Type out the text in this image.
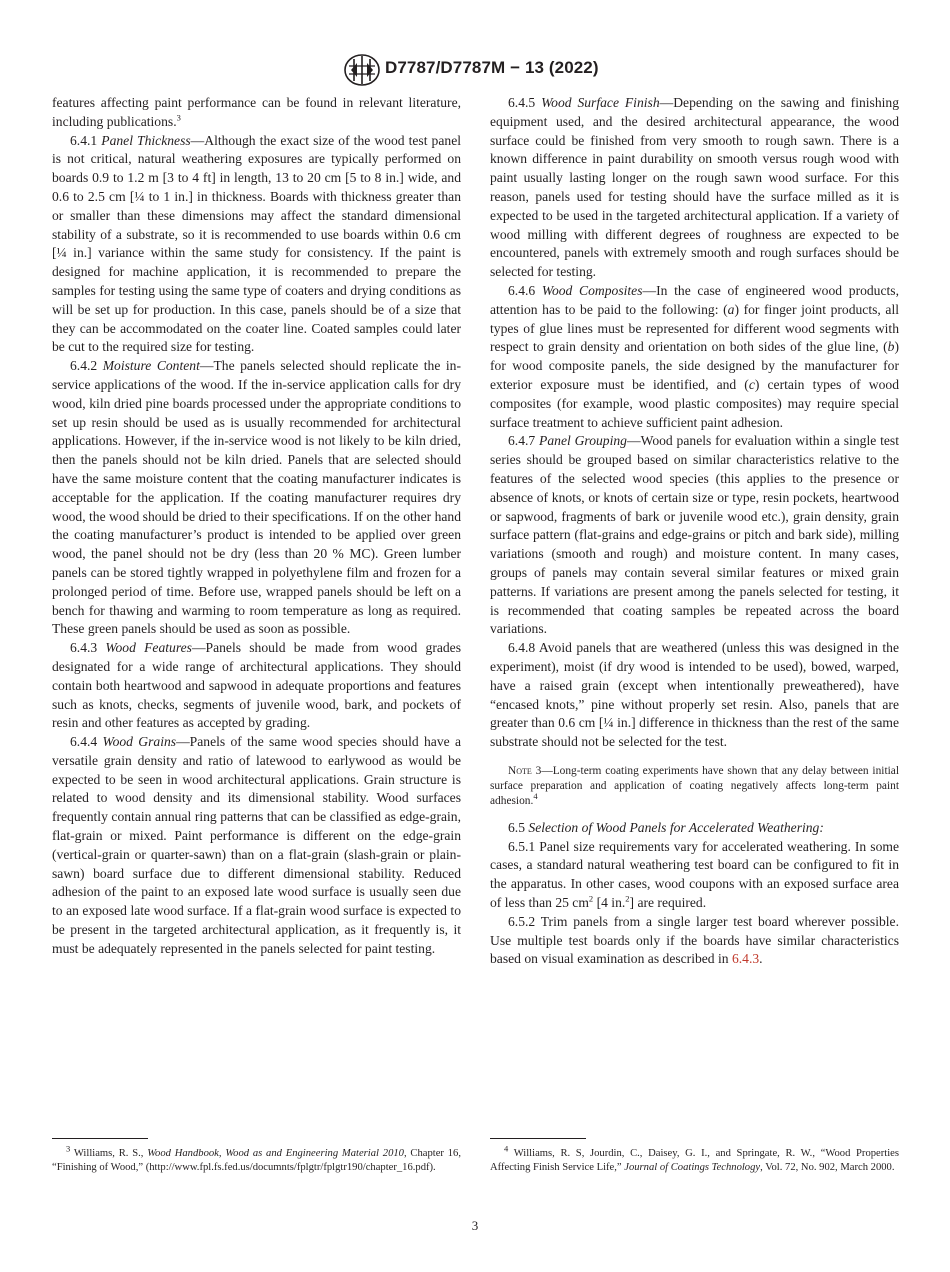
D7787/D7787M − 13 (2022)

features affecting paint performance can be found in relevant literature, including publications.$^3$

6.4.1 Panel Thickness—Although the exact size of the wood test panel is not critical, natural weathering exposures are typically performed on boards 0.9 to 1.2 m [3 to 4 ft] in length, 13 to 20 cm [5 to 8 in.] wide, and 0.6 to 2.5 cm [¼ to 1 in.] in thickness. Boards with thickness greater than or smaller than these dimensions may affect the standard dimensional stability of a substrate, so it is recommended to use boards within 0.6 cm [¼ in.] variance within the same study for consistency. If the paint is designed for machine application, it is recommended to prepare the samples for testing using the same type of coaters and drying conditions as will be set up for production. In this case, panels should be of a size that they can be accommodated on the coater line. Coated samples could later be cut to the required size for testing.

6.4.2 Moisture Content—The panels selected should replicate the in-service applications of the wood. If the in-service application calls for dry wood, kiln dried pine boards processed under the appropriate conditions to set up resin should be used as is usually recommended for architectural applications. However, if the in-service wood is not likely to be kiln dried, then the panels should not be kiln dried. Panels that are selected should have the same moisture content that the coating manufacturer indicates is acceptable for the application. If the coating manufacturer requires dry wood, the wood should be dried to their specifications. If on the other hand the coating manufacturer’s product is intended to be applied over green wood, the panel should not be dry (less than 20 % MC). Green lumber panels can be stored tightly wrapped in polyethylene film and frozen for a prolonged period of time. Before use, wrapped panels should be left on a bench for thawing and warming to room temperature as long as required. These green panels should be used as soon as possible.

6.4.3 Wood Features—Panels should be made from wood grades designated for a wide range of architectural applications. They should contain both heartwood and sapwood in adequate proportions and features such as knots, checks, segments of juvenile wood, bark, and pockets of resin and other features as accepted by grading.

6.4.4 Wood Grains—Panels of the same wood species should have a versatile grain density and ratio of latewood to earlywood as would be expected to be seen in wood architectural applications. Grain structure is related to wood density and its dimensional stability. Wood surfaces frequently contain annual ring patterns that can be classified as edge-grain, flat-grain or mixed. Paint performance is different on the edge-grain (vertical-grain or quarter-sawn) than on a flat-grain (slash-grain or plain-sawn) board surface due to different dimensional stability. Reduced adhesion of the paint to an exposed late wood surface is usually seen due to an exposed late wood surface. If a flat-grain wood surface is expected to be present in the targeted architectural application, as it frequently is, it must be adequately represented in the panels selected for paint testing.

6.4.5 Wood Surface Finish—Depending on the sawing and finishing equipment used, and the desired architectural appearance, the wood surface could be finished from very smooth to rough sawn. There is a known difference in paint durability on smooth versus rough wood with paint usually lasting longer on the rough sawn wood surface. For this reason, panels used for testing should have the surface milled as it is expected to be used in the targeted architectural application. If a variety of wood milling with different degrees of roughness are expected to be encountered, panels with extremely smooth and rough surfaces should be selected for testing.

6.4.6 Wood Composites—In the case of engineered wood products, attention has to be paid to the following: (a) for finger joint products, all types of glue lines must be represented for different wood segments with respect to grain density and orientation on both sides of the glue line, (b) for wood composite panels, the side designed by the manufacturer for exterior exposure must be identified, and (c) certain types of wood composites (for example, wood plastic composites) may require special surface treatment to achieve sufficient paint adhesion.

6.4.7 Panel Grouping—Wood panels for evaluation within a single test series should be grouped based on similar characteristics relative to the features of the selected wood species (this applies to the presence or absence of knots, or knots of certain size or type, resin pockets, heartwood or sapwood, fragments of bark or juvenile wood etc.), grain density, grain surface pattern (flat-grains and edge-grains or pitch and bark side), milling variations (smooth and rough) and moisture content. In many cases, groups of panels may contain several similar features or mixed grain patterns. If variations are present among the panels selected for testing, it is recommended that coating samples be repeated across the board variations.

6.4.8 Avoid panels that are weathered (unless this was designed in the experiment), moist (if dry wood is intended to be used), bowed, warped, have a raised grain (except when intentionally preweathered), have “encased knots,” pine without properly set resin. Also, panels that are greater than 0.6 cm [¼ in.] difference in thickness than the rest of the same substrate should not be selected for the test.

Note 3—Long-term coating experiments have shown that any delay between initial surface preparation and application of coating negatively affects long-term paint adhesion.$^4$

6.5 Selection of Wood Panels for Accelerated Weathering:

6.5.1 Panel size requirements vary for accelerated weathering. In some cases, a standard natural weathering test board can be configured to fit in the apparatus. In other cases, wood coupons with an exposed surface area of less than 25 $cm^2$ [4 in.$^2$] are required.

6.5.2 Trim panels from a single larger test board wherever possible. Use multiple test boards only if the boards have similar characteristics based on visual examination as described in 6.4.3.

$^3$ Williams, R. S., Wood Handbook, Wood as and Engineering Material 2010, Chapter 16, “Finishing of Wood,” (http://www.fpl.fs.fed.us/documnts/fplgtr/fplgtr190/chapter_16.pdf).

$^4$ Williams, R. S, Jourdin, C., Daisey, G. I., and Springate, R. W., “Wood Properties Affecting Finish Service Life,” Journal of Coatings Technology, Vol. 72, No. 902, March 2000.

3
